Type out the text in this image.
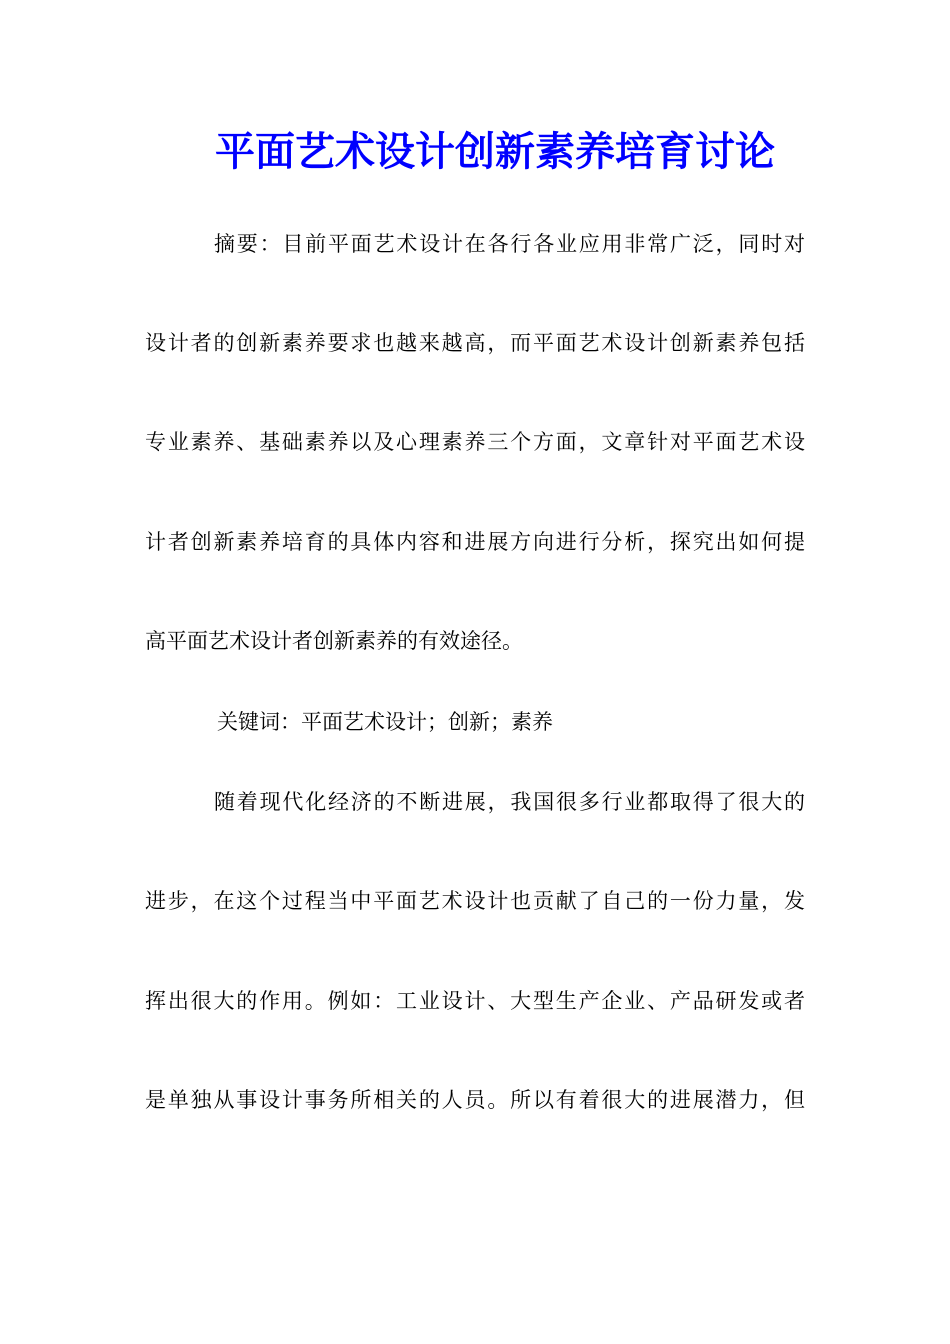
平面艺术设计创新素养培育讨论
摘要：目前平面艺术设计在各行各业应用非常广泛，同时对
设计者的创新素养要求也越来越高，而平面艺术设计创新素养包括
专业素养、基础素养以及心理素养三个方面，文章针对平面艺术设
计者创新素养培育的具体内容和进展方向进行分析，探究出如何提
高平面艺术设计者创新素养的有效途径。
关键词：平面艺术设计；创新；素养
随着现代化经济的不断进展，我国很多行业都取得了很大的
进步，在这个过程当中平面艺术设计也贡献了自己的一份力量，发
挥出很大的作用。例如：工业设计、大型生产企业、产品研发或者
是单独从事设计事务所相关的人员。所以有着很大的进展潜力，但
